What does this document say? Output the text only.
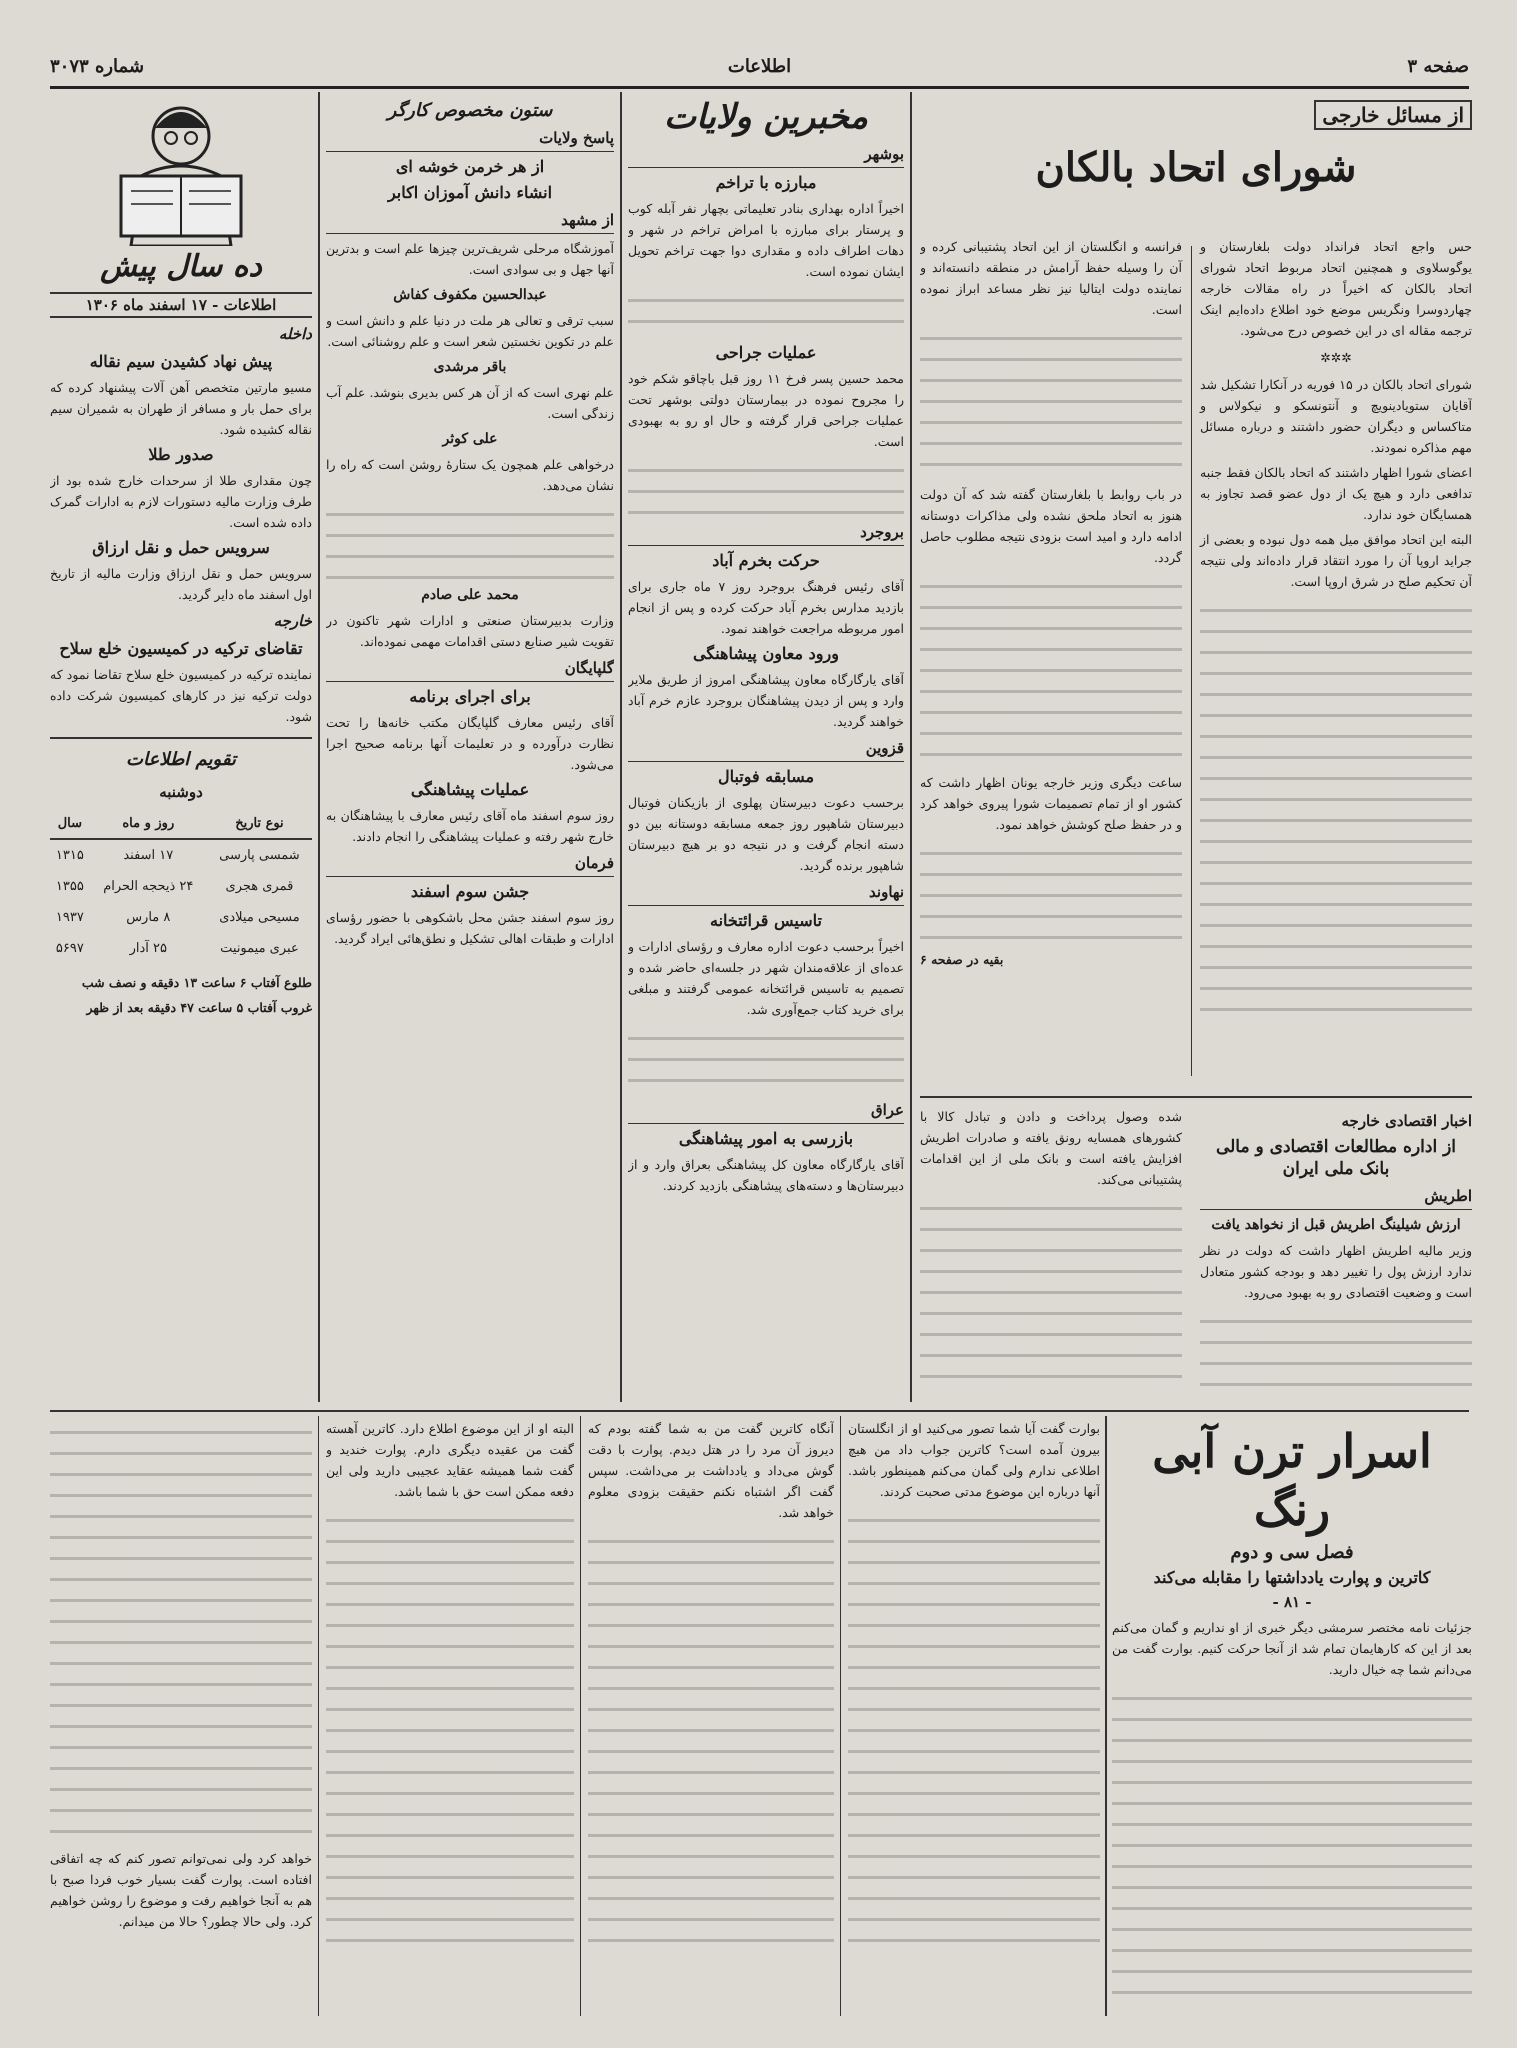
صفحه ۳
اطلاعات
شماره ۳۰۷۳
از مسائل خارجی
شورای اتحاد بالکان

حس واجع اتحاد فرانداد دولت بلغارستان و یوگوسلاوی و همچنین اتحاد مربوط اتحاد شورای اتحاد بالکان که اخیراً در راه مقالات خارجه چهاردوسرا ونگریس موضع خود اطلاع داده‌ایم اینک ترجمه مقاله ای در این خصوص درج می‌شود.

✲✲✲

شورای اتحاد بالکان در ۱۵ فوریه در آنکارا تشکیل شد آقایان ستویادینویچ و آنتونسکو و نیکولاس و متاکساس و دیگران حضور داشتند و درباره مسائل مهم مذاکره نمودند.

اعضای شورا اظهار داشتند که اتحاد بالکان فقط جنبه تدافعی دارد و هیچ یک از دول عضو قصد تجاوز به همسایگان خود ندارد.

البته این اتحاد موافق میل همه دول نبوده و بعضی از جراید اروپا آن را مورد انتقاد قرار داده‌اند ولی نتیجه آن تحکیم صلح در شرق اروپا است.

فرانسه و انگلستان از این اتحاد پشتیبانی کرده و آن را وسیله حفظ آرامش در منطقه دانسته‌اند و نماینده دولت ایتالیا نیز نظر مساعد ابراز نموده است.

در باب روابط با بلغارستان گفته شد که آن دولت هنوز به اتحاد ملحق نشده ولی مذاکرات دوستانه ادامه دارد و امید است بزودی نتیجه مطلوب حاصل گردد.

ساعت دیگری وزیر خارجه یونان اظهار داشت که کشور او از تمام تصمیمات شورا پیروی خواهد کرد و در حفظ صلح کوشش خواهد نمود.

بقیه در صفحه ۶

اخبار اقتصادی خارجه
از اداره مطالعات اقتصادی و مالی بانک ملی ایران
اطریش
ارزش شیلینگ اطریش قبل از نخواهد یافت

وزیر مالیه اطریش اظهار داشت که دولت در نظر ندارد ارزش پول را تغییر دهد و بودجه کشور متعادل است و وضعیت اقتصادی رو به بهبود می‌رود.

شده وصول پرداخت و دادن و تبادل کالا با کشورهای همسایه رونق یافته و صادرات اطریش افزایش یافته است و بانک ملی از این اقدامات پشتیبانی می‌کند.

مخبرین ولایات
بوشهر
مبارزه با تراخم

اخیراً اداره بهداری بنادر تعلیماتی بچهار نفر آبله کوب و پرستار برای مبارزه با امراض تراخم در شهر و دهات اطراف داده و مقداری دوا جهت تراخم تحویل ایشان نموده است.

عملیات جراحی

محمد حسین پسر فرخ ۱۱ روز قبل باچاقو شکم خود را مجروح نموده در بیمارستان دولتی بوشهر تحت عملیات جراحی قرار گرفته و حال او رو به بهبودی است.

بروجرد
حرکت بخرم آباد

آقای رئیس فرهنگ بروجرد روز ۷ ماه جاری برای بازدید مدارس بخرم آباد حرکت کرده و پس از انجام امور مربوطه مراجعت خواهند نمود.

ورود معاون پیشاهنگی

آقای یارگارگاه معاون پیشاهنگی امروز از طریق ملایر وارد و پس از دیدن پیشاهنگان بروجرد عازم خرم آباد خواهند گردید.

قزوین
مسابقه فوتبال

برحسب دعوت دبیرستان پهلوی از بازیکنان فوتبال دبیرستان شاهپور روز جمعه مسابقه دوستانه بین دو دسته انجام گرفت و در نتیجه دو بر هیچ دبیرستان شاهپور برنده گردید.

نهاوند
تاسیس قرائتخانه

اخیراً برحسب دعوت اداره معارف و رؤسای ادارات و عده‌ای از علاقه‌مندان شهر در جلسه‌ای حاضر شده و تصمیم به تاسیس قرائتخانه عمومی گرفتند و مبلغی برای خرید کتاب جمع‌آوری شد.

عراق
بازرسی به امور پیشاهنگی

آقای یارگارگاه معاون کل پیشاهنگی بعراق وارد و از دبیرستان‌ها و دسته‌های پیشاهنگی بازدید کردند.

ستون مخصوص کارگر
پاسخ ولایات
از هر خرمن خوشه ای
انشاء دانش آموزان اکابر
از مشهد

آموزشگاه مرحلی شریف‌ترین چیزها علم است و بدترین آنها جهل و بی سوادی است.

عبدالحسین مکفوف کفاش

سبب ترقی و تعالی هر ملت در دنیا علم و دانش است و علم در تکوین نخستین شعر است و علم روشنائی است.

باقر مرشدی

علم نهری است که از آن هر کس بدیری بنوشد. علم آب زندگی است.

علی کوثر

درخواهی علم همچون یک ستارهٔ روشن است که راه را نشان می‌دهد.

محمد علی صادم

وزارت بدبیرستان صنعتی و ادارات شهر تاکنون در تقویت شیر صنایع دستی اقدامات مهمی نموده‌اند.

گلپایگان
برای اجرای برنامه

آقای رئیس معارف گلپایگان مکتب خانه‌ها را تحت نظارت درآورده و در تعلیمات آنها برنامه صحیح اجرا می‌شود.

عملیات پیشاهنگی

روز سوم اسفند ماه آقای رئیس معارف با پیشاهنگان به خارج شهر رفته و عملیات پیشاهنگی را انجام دادند.

فرمان
جشن سوم اسفند

روز سوم اسفند جشن محل باشکوهی با حضور رؤسای ادارات و طبقات اهالی تشکیل و نطق‌هائی ایراد گردید.

ده سال پیش
اطلاعات - ۱۷ اسفند ماه ۱۳۰۶
داخله
پیش نهاد کشیدن سیم نقاله

مسیو مارتین متخصص آهن آلات پیشنهاد کرده که برای حمل بار و مسافر از طهران به شمیران سیم نقاله کشیده شود.

صدور طلا

چون مقداری طلا از سرحدات خارج شده بود از طرف وزارت مالیه دستورات لازم به ادارات گمرک داده شده است.

سرویس حمل و نقل ارزاق

سرویس حمل و نقل ارزاق وزارت مالیه از تاریخ اول اسفند ماه دایر گردید.

خارجه
تقاضای ترکیه در کمیسیون خلع سلاح

نماینده ترکیه در کمیسیون خلع سلاح تقاضا نمود که دولت ترکیه نیز در کارهای کمیسیون شرکت داده شود.

تقویم اطلاعات
دوشنبه
نوع تاریخ	روز و ماه	سال
شمسی پارسی	۱۷ اسفند	۱۳۱۵
قمری هجری	۲۴ ذیحجه الحرام	۱۳۵۵
مسیحی میلادی	۸ مارس	۱۹۳۷
عبری میمونیت	۲۵ آدار	۵۶۹۷

طلوع آفتاب ۶ ساعت ۱۳ دقیقه و نصف شب

غروب آفتاب ۵ ساعت ۴۷ دقیقه بعد از ظهر

اسرار ترن آبی رنگ
فصل سی و دوم
کاترین و پوارت یادداشتها را مقابله می‌کند
- ۸۱ -

جزئیات نامه مختصر سرمشی دیگر خبری از او نداریم و گمان می‌کنم بعد از این که کارهایمان تمام شد از آنجا حرکت کنیم. بوارت گفت من می‌دانم شما چه خیال دارید.

بوارت گفت آیا شما تصور می‌کنید او از انگلستان بیرون آمده است؟ کاترین جواب داد من هیچ اطلاعی ندارم ولی گمان می‌کنم همینطور باشد. آنها درباره این موضوع مدتی صحبت کردند.

آنگاه کاترین گفت من به شما گفته بودم که دیروز آن مرد را در هتل دیدم. پوارت با دقت گوش می‌داد و یادداشت بر می‌داشت. سپس گفت اگر اشتباه نکنم حقیقت بزودی معلوم خواهد شد.

البته او از این موضوع اطلاع دارد. کاترین آهسته گفت من عقیده دیگری دارم. پوارت خندید و گفت شما همیشه عقاید عجیبی دارید ولی این دفعه ممکن است حق با شما باشد.

خواهد کرد ولی نمی‌توانم تصور کنم که چه اتفاقی افتاده است. پوارت گفت بسیار خوب فردا صبح با هم به آنجا خواهیم رفت و موضوع را روشن خواهیم کرد. ولی حالا چطور؟ حالا من میدانم.
